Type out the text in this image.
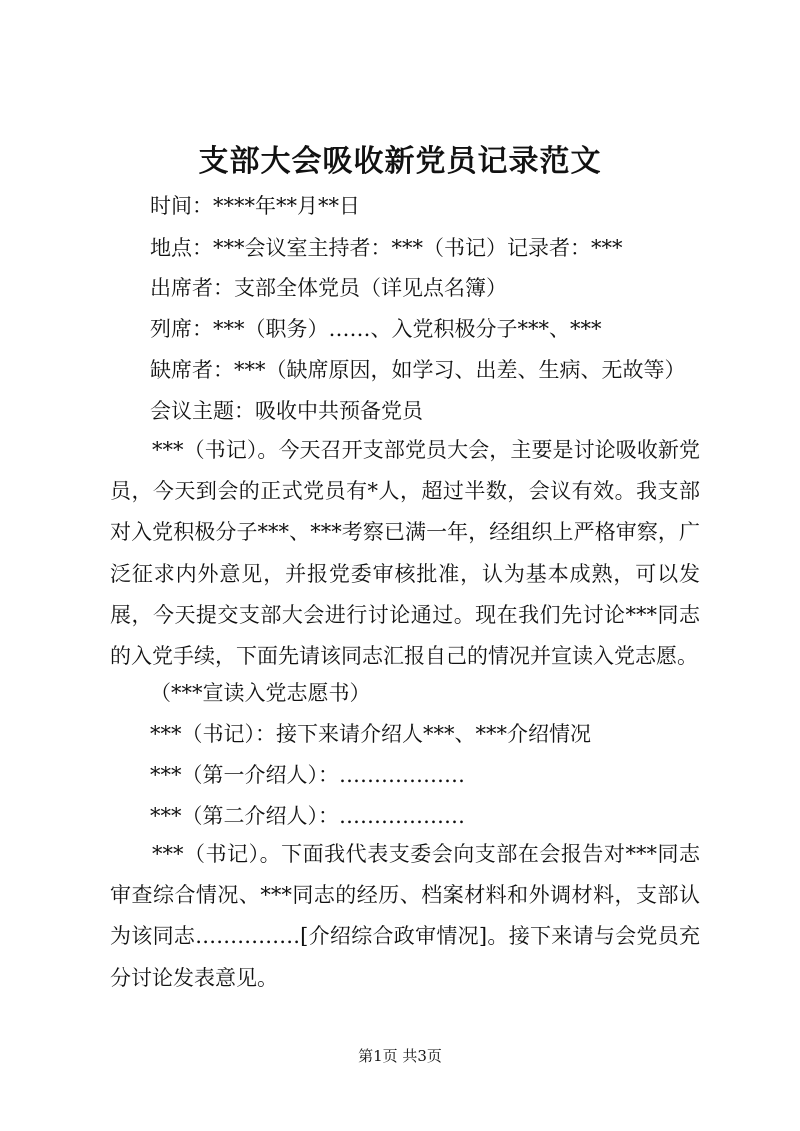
支部大会吸收新党员记录范文
时间：****年**月**日
地点：***会议室主持者：***（书记）记录者：***
出席者：支部全体党员（详见点名簿）
列席：***（职务）……、入党积极分子***、***
缺席者：***（缺席原因，如学习、出差、生病、无故等）
会议主题：吸收中共预备党员
***（书记）。今天召开支部党员大会，主要是讨论吸收新党员，今天到会的正式党员有*人，超过半数，会议有效。我支部对入党积极分子***、***考察已满一年，经组织上严格审察，广泛征求内外意见，并报党委审核批准，认为基本成熟，可以发展，今天提交支部大会进行讨论通过。现在我们先讨论***同志的入党手续，下面先请该同志汇报自己的情况并宣读入党志愿。
（***宣读入党志愿书）
***（书记）：接下来请介绍人***、***介绍情况
***（第一介绍人）：………………
***（第二介绍人）：………………
***（书记）。下面我代表支委会向支部在会报告对***同志审查综合情况、***同志的经历、档案材料和外调材料，支部认为该同志……………[介绍综合政审情况]。接下来请与会党员充分讨论发表意见。
第1页 共3页
